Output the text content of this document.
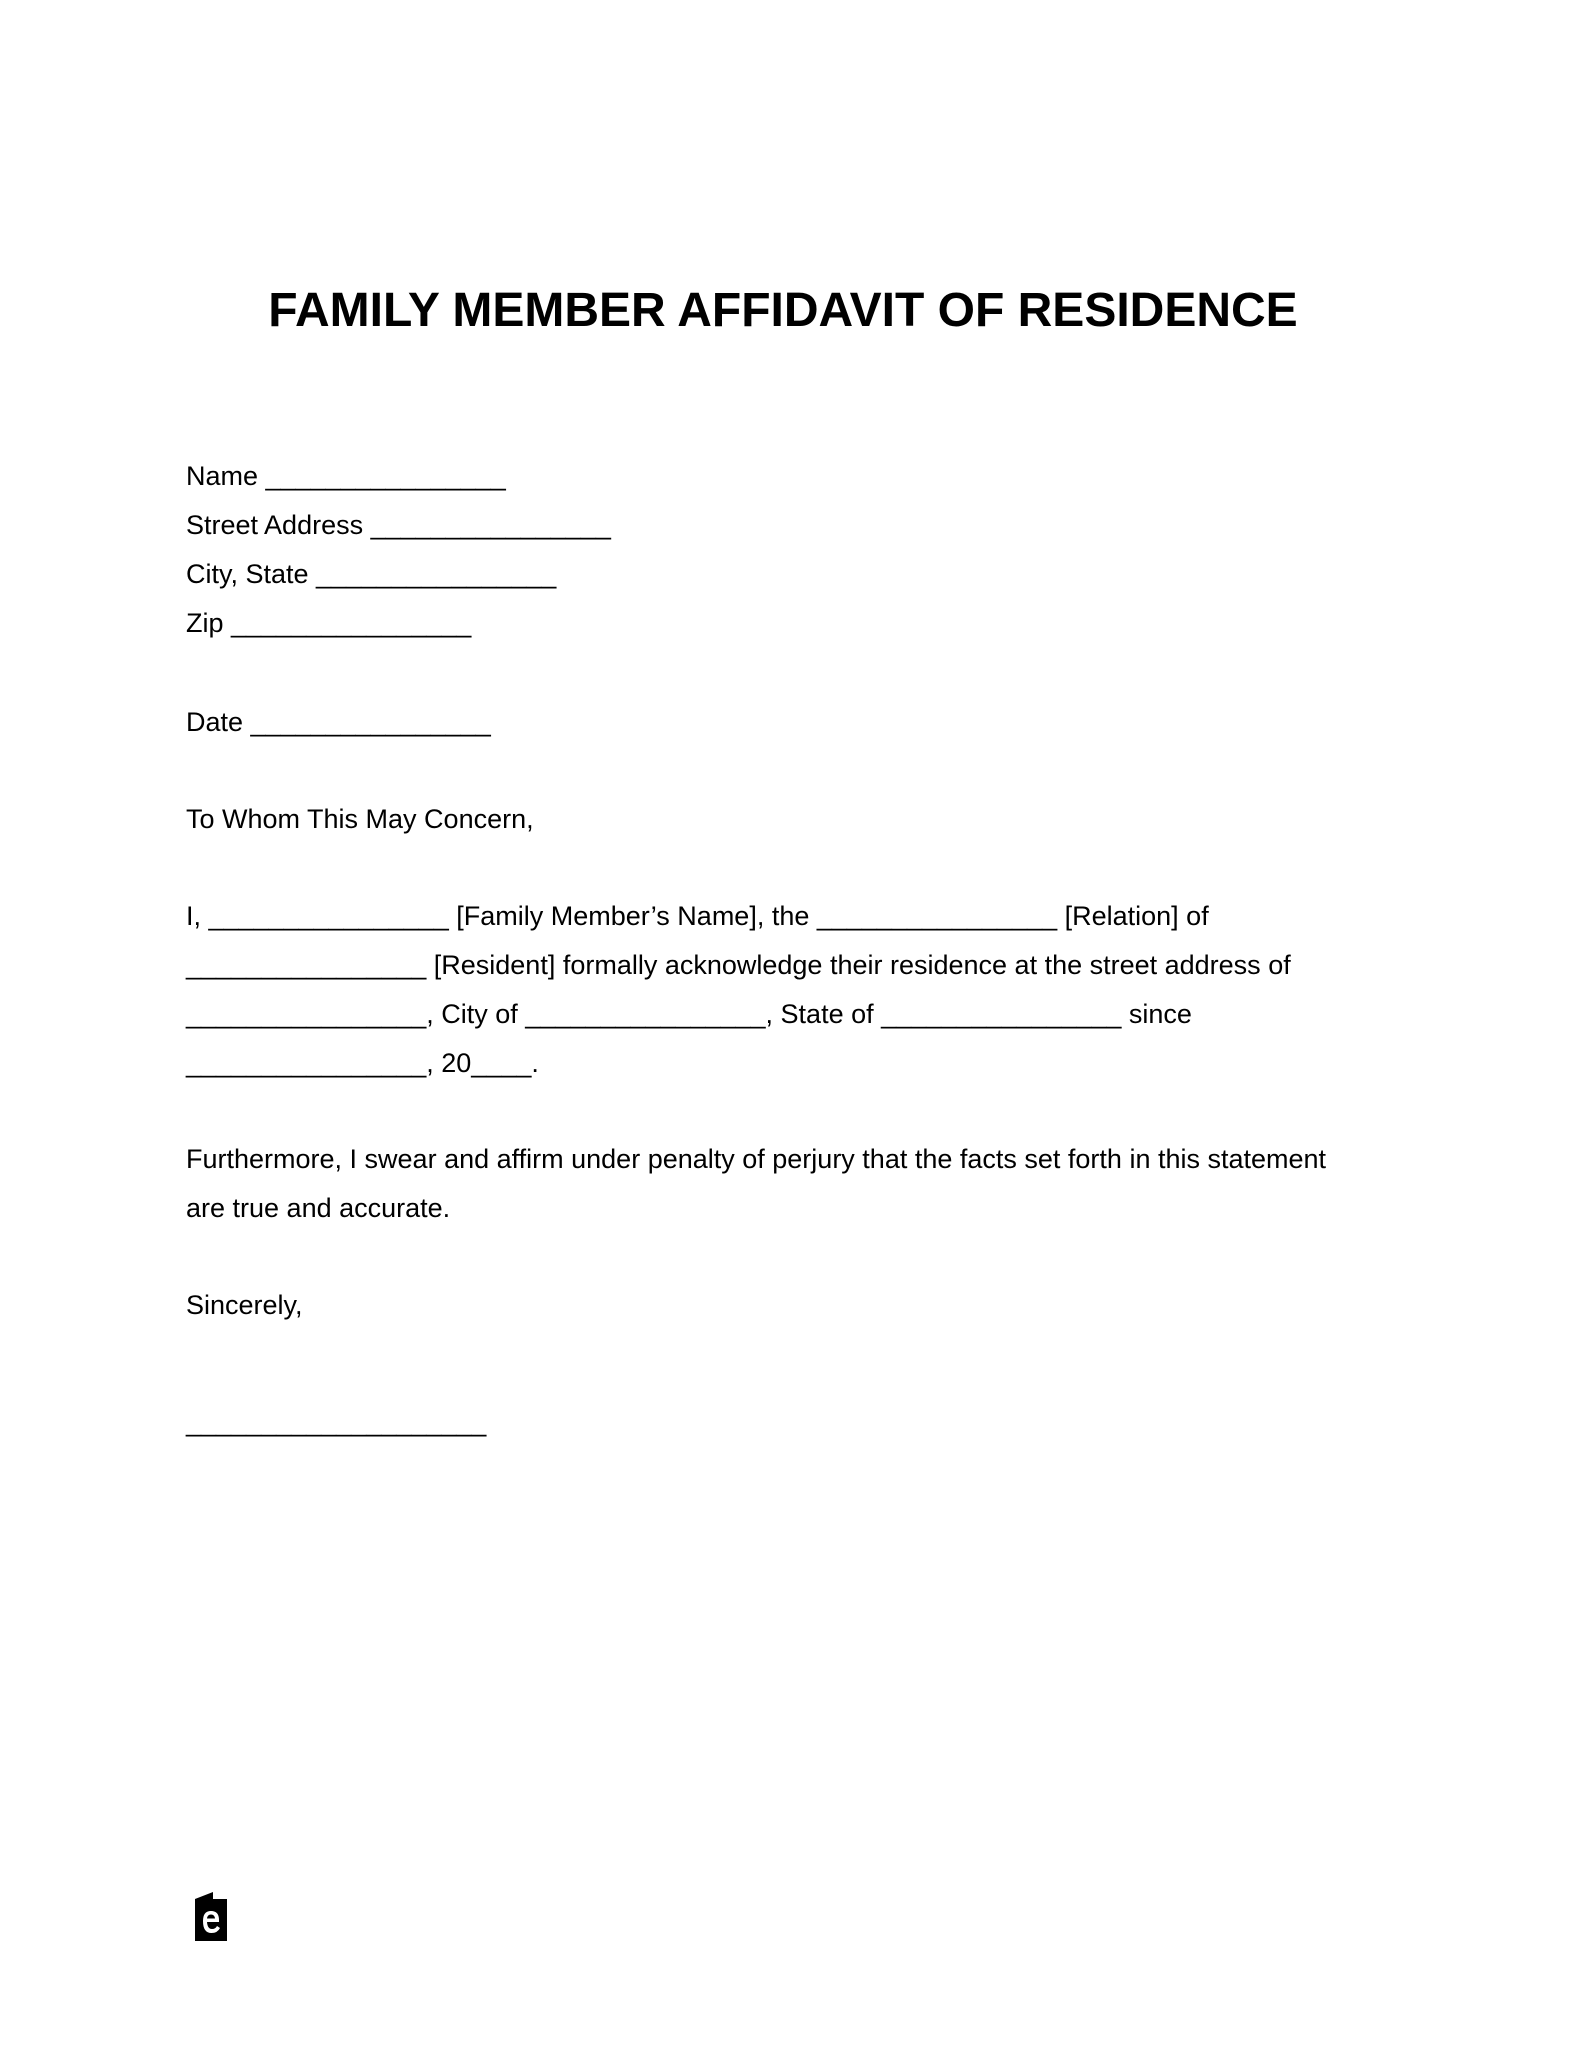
FAMILY MEMBER AFFIDAVIT OF RESIDENCE
Name ________________
Street Address ________________
City, State ________________
Zip ________________
Date ________________
To Whom This May Concern,
I, ________________ [Family Member’s Name], the ________________ [Relation] of
________________ [Resident] formally acknowledge their residence at the street address of
________________, City of ________________, State of ________________ since
________________, 20____.
Furthermore, I swear and affirm under penalty of perjury that the facts set forth in this statement
are true and accurate.
Sincerely,
____________________
